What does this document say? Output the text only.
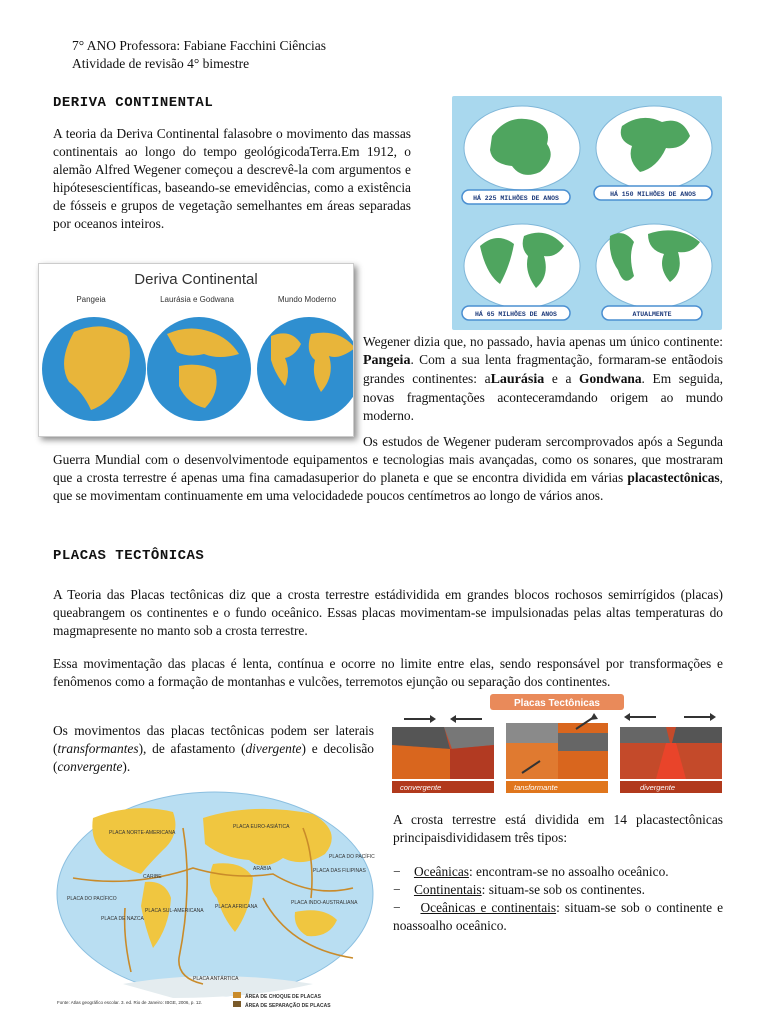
7° ANO Professora: Fabiane Facchini Ciências
Atividade de revisão 4° bimestre
DERIVA CONTINENTAL
A teoria da Deriva Continental falasobre o movimento das massas continentais ao longo do tempo geológicodaTerra.Em 1912, o alemão Alfred Wegener começou a descrevê-la com argumentos e hipótesescientíficas, baseando-se emevidências, como a existência de fósseis e grupos de vegetação semelhantes em áreas separadas por oceanos inteiros.
HÁ 225 MILHÕES DE ANOS
HÁ 150 MILHÕES DE ANOS
HÁ 65 MILHÕES DE ANOS	ATUALMENTE
Deriva Continental
Pangeia	Laurásia e Godwana	Mundo Moderno
Wegener dizia que, no passado, havia apenas um único continente: Pangeia. Com a sua lenta fragmentação, formaram-se entãodois grandes continentes: aLaurásia e a Gondwana. Em seguida, novas fragmentações aconteceramdando origem ao mundo moderno.
Os estudos de Wegener puderam sercomprovados após a Segunda Guerra Mundial com o desenvolvimentode equipamentos e tecnologias mais avançadas, como os sonares, que mostraram que a crosta terrestre é apenas uma fina camadasuperior do planeta e que se encontra dividida em várias placastectônicas, que se movimentam continuamente em uma velocidadede poucos centímetros ao longo de vários anos.
PLACAS TECTÔNICAS
A Teoria das Placas tectônicas diz que a crosta terrestre estádividida em grandes blocos rochosos semirrígidos (placas) queabrangem os continentes e o fundo oceânico. Essas placas movimentam-se impulsionadas pelas altas temperaturas do magmapresente no manto sob a crosta terrestre.
Essa movimentação das placas é lenta, contínua e ocorre no limite entre elas, sendo responsável por transformações e fenômenos como a formação de montanhas e vulcões, terremotos ejunção ou separação dos continentes.
Os movimentos das placas tectônicas podem ser laterais (transformantes), de afastamento (divergente) e decolisão (convergente).
Placas Tectônicas
convergente	tansformante	divergente
PLACA NORTE-AMERICANA
PLACA EURO-ASIÁTICA
PLACA DO PACÍFICO
PLACA DE NAZCA
PLACA SUL-AMERICANA
PLACA AFRICANA
PLACA ANTÁRTICA
PLACA INDO-AUSTRALIANA
PLACA DAS FILIPINAS
PLACA DO PACÍFICO
CARIBE
ARÁBIA
ÁREA DE CHOQUE DE PLACAS
ÁREA DE SEPARAÇÃO DE PLACAS
Fonte: Atlas geográfico escolar. 3. ed. Rio de Janeiro: IBGE, 2006, p. 12.
A crosta terrestre está dividida em 14 placastectônicas principaisdivididasem três tipos:
− Oceânicas: encontram-se no assoalho oceânico.
− Continentais: situam-se sob os continentes.
− Oceânicas e continentais: situam-se sob o continente e noassoalho oceânico.
